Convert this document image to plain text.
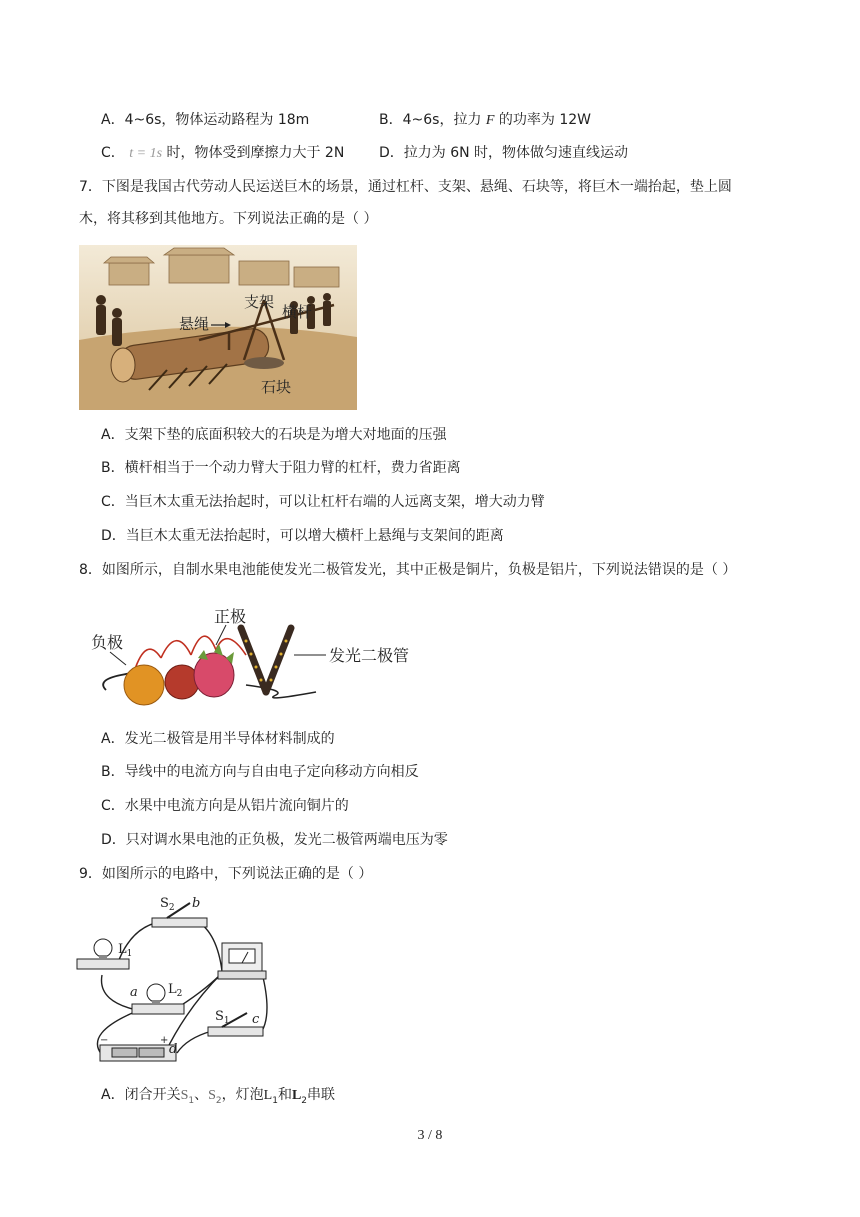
A．4~6s，物体运动路程为 18m	B．4~6s，拉力 F 的功率为 12W
C． t = 1s 时，物体受到摩擦力大于 2N D．拉力为 6N 时，物体做匀速直线运动
7．下图是我国古代劳动人民运送巨木的场景，通过杠杆、支架、悬绳、石块等，将巨木一端抬起，垫上圆
木，将其移到其他地方。下列说法正确的是（ ）
支架
悬绳
横杆
石块
A．支架下垫的底面积较大的石块是为增大对地面的压强
B．横杆相当于一个动力臂大于阻力臂的杠杆，费力省距离
C．当巨木太重无法抬起时，可以让杠杆右端的人远离支架，增大动力臂
D．当巨木太重无法抬起时，可以增大横杆上悬绳与支架间的距离
8．如图所示，自制水果电池能使发光二极管发光，其中正极是铜片，负极是铝片，下列说法错误的是（ ）
正极
负极
发光二极管
A．发光二极管是用半导体材料制成的
B．导线中的电流方向与自由电子定向移动方向相反
C．水果中电流方向是从铝片流向铜片的
D．只对调水果电池的正负极，发光二极管两端电压为零
9．如图所示的电路中，下列说法正确的是（ ）
$S_2$ b
$L_1$
a $L_2$
$S_1$ c
d
−	+
A．闭合开关$S_1$、$S_2$，灯泡$L_1$和$L_2$串联
3 / 8
